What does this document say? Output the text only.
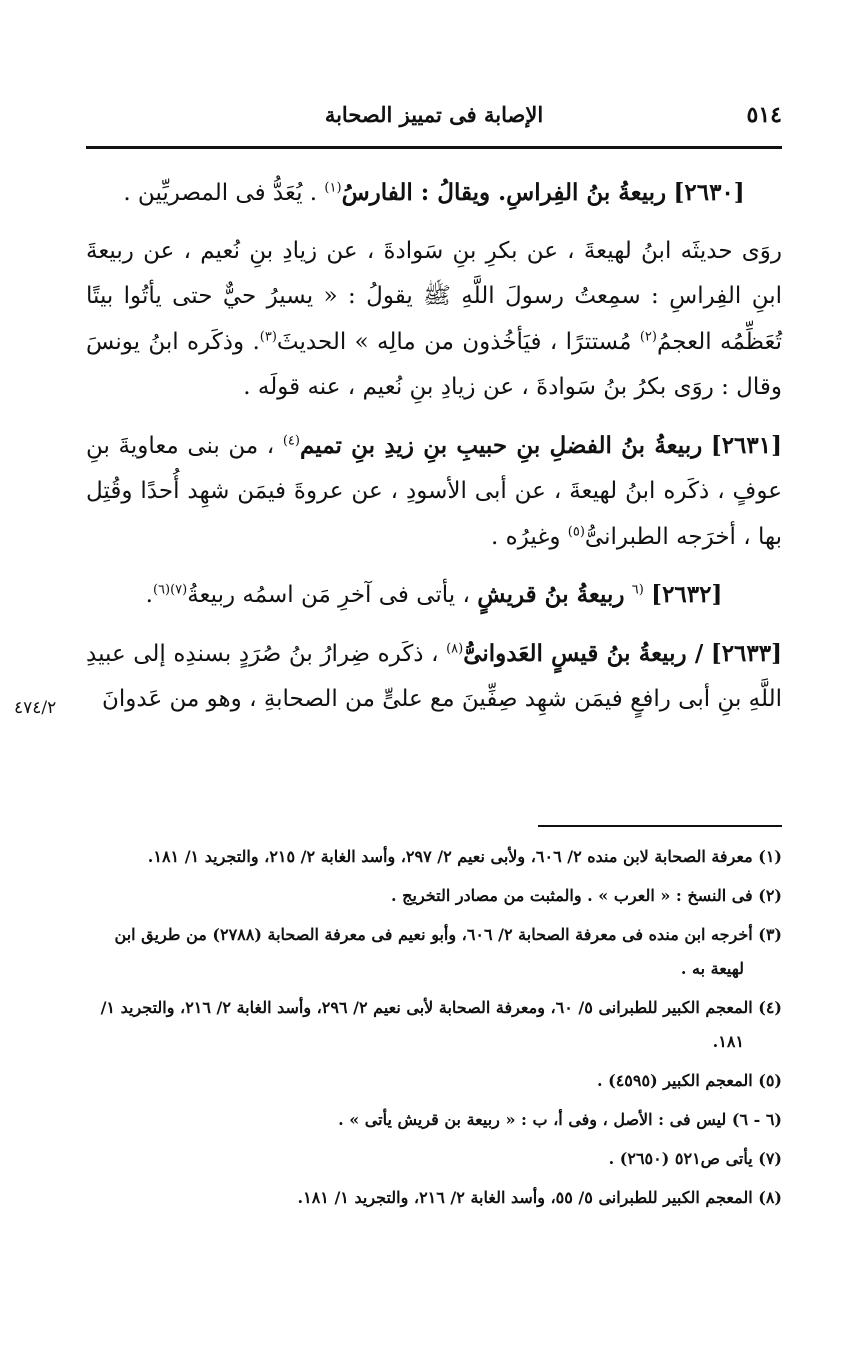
٥١٤
الإصابة فى تمييز الصحابة

[٢٦٣٠] ربيعةُ بنُ الفِراسِ. ويقالُ : الفارسُ$^{(١)}$ . يُعَدُّ فى المصريِّين .

روَى حديثَه ابنُ لهيعةَ ، عن بكرِ بنِ سَوادةَ ، عن زيادِ بنِ نُعيم ، عن ربيعةَ ابنِ الفِراسِ : سمِعتُ رسولَ اللَّهِ ﷺ يقولُ : « يسيرُ حيٌّ حتى يأتُوا بيتًا تُعَظِّمُه العجمُ$^{(٢)}$ مُستترًا ، فيَأخُذون من مالِه » الحديثَ$^{(٣)}$. وذكَره ابنُ يونسَ وقال : روَى بكرُ بنُ سَوادةَ ، عن زيادِ بنِ نُعيم ، عنه قولَه .

[٢٦٣١] ربيعةُ بنُ الفضلِ بنِ حبيبِ بنِ زيدِ بنِ تميم$^{(٤)}$ ، من بنى معاويةَ بنِ عوفٍ ، ذكَره ابنُ لهيعةَ ، عن أبى الأسودِ ، عن عروةَ فيمَن شهِد أُحدًا وقُتِل بها ، أخرَجه الطبرانىُّ$^{(٥)}$ وغيرُه .

[٢٦٣٢] $^{(٦}$ ربيعةُ بنُ قريشٍ ، يأتى فى آخرِ مَن اسمُه ربيعةُ$^{(٧)(٦)}$.

[٢٦٣٣] / ربيعةُ بنُ قيسٍ العَدوانىُّ$^{(٨)}$ ، ذكَره ضِرارُ بنُ صُرَدٍ بسندِه إلى عبيدِ اللَّهِ بنِ أبى رافعٍ فيمَن شهِد صِفِّينَ مع علىٍّ من الصحابةِ ، وهو من عَدوانَ

٤٧٤/٢

(١) معرفة الصحابة لابن منده ٢/ ٦٠٦، ولأبى نعيم ٢/ ٢٩٧، وأسد الغابة ٢/ ٢١٥، والتجريد ١/ ١٨١.

(٢) فى النسخ : « العرب » . والمثبت من مصادر التخريج .

(٣) أخرجه ابن منده فى معرفة الصحابة ٢/ ٦٠٦، وأبو نعيم فى معرفة الصحابة (٢٧٨٨) من طريق ابن لهيعة به .

(٤) المعجم الكبير للطبرانى ٥/ ٦٠، ومعرفة الصحابة لأبى نعيم ٢/ ٢٩٦، وأسد الغابة ٢/ ٢١٦، والتجريد ١/ ١٨١.

(٥) المعجم الكبير (٤٥٩٥) .

(٦ - ٦) ليس فى : الأصل ، وفى أ، ب : « ربيعة بن قريش يأتى » .

(٧) يأتى ص٥٢١ (٢٦٥٠) .

(٨) المعجم الكبير للطبرانى ٥/ ٥٥، وأسد الغابة ٢/ ٢١٦، والتجريد ١/ ١٨١.
